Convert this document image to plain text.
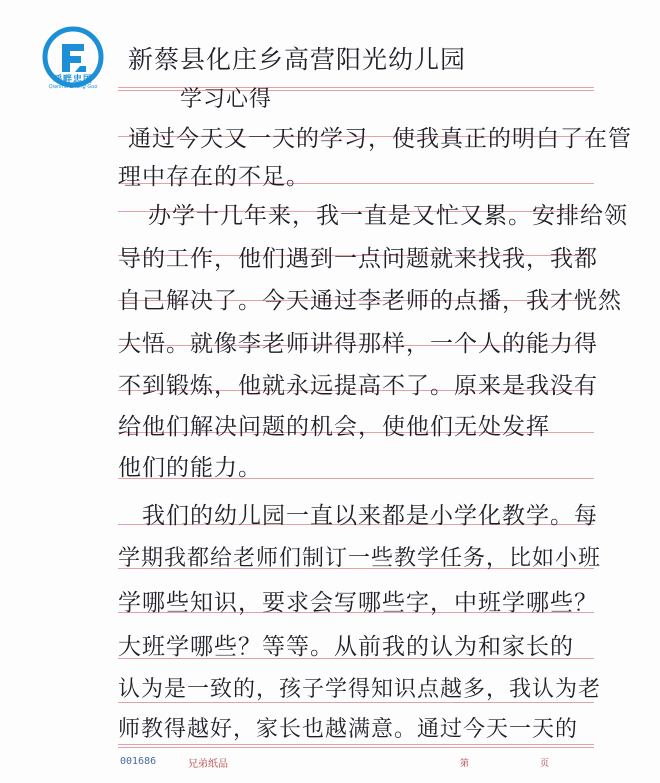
呼畔忠国
Qianmu Zhong Guo
新蔡县化庄乡高营阳光幼儿园
学习心得
通过今天又一天的学习，使我真正的明白了在管
理中存在的不足。
办学十几年来，我一直是又忙又累。安排给领
导的工作，他们遇到一点问题就来找我，我都
自己解决了。今天通过李老师的点播，我才恍然
大悟。就像李老师讲得那样，一个人的能力得
不到锻炼，他就永远提高不了。原来是我没有
给他们解决问题的机会，使他们无处发挥
他们的能力。
我们的幼儿园一直以来都是小学化教学。每
学期我都给老师们制订一些教学任务，比如小班
学哪些知识，要求会写哪些字，中班学哪些？
大班学哪些？等等。从前我的认为和家长的
认为是一致的，孩子学得知识点越多，我认为老
001686	兄弟纸品	第	页
师教得越好，家长也越满意。通过今天一天的
